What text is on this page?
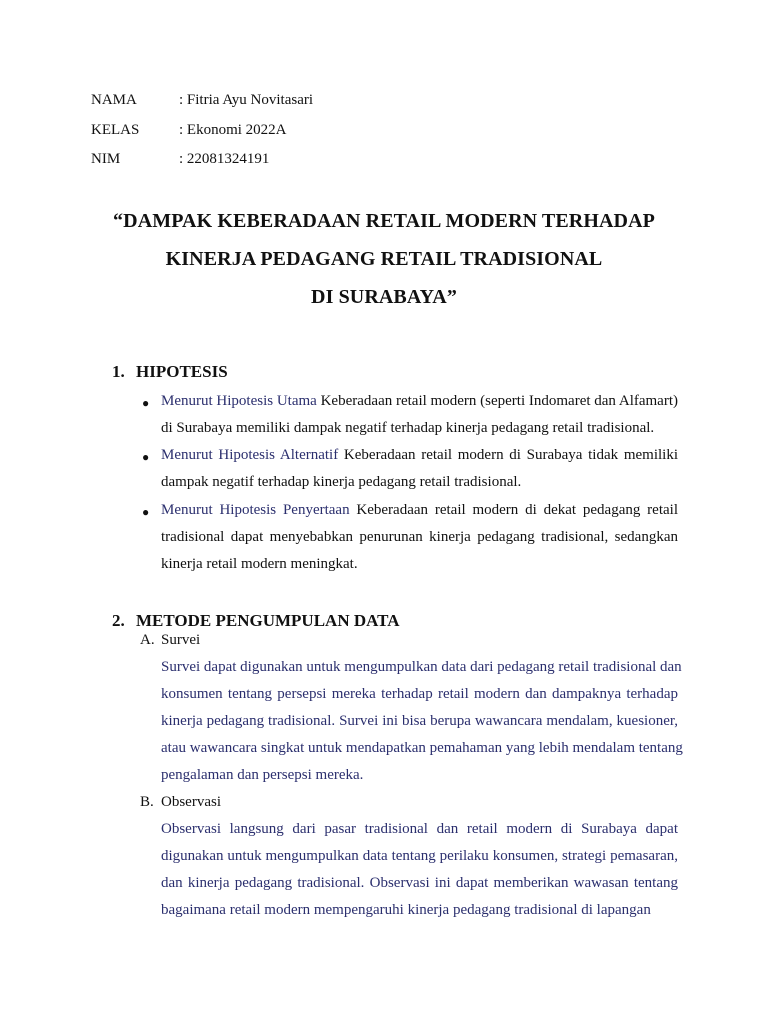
NAMA	: Fitria Ayu Novitasari
KELAS	: Ekonomi 2022A
NIM	: 22081324191
“DAMPAK KEBERADAAN RETAIL MODERN TERHADAP
KINERJA PEDAGANG RETAIL TRADISIONAL
DI SURABAYA”
1. HIPOTESIS
● Menurut Hipotesis Utama Keberadaan retail modern (seperti Indomaret dan Alfamart)
di Surabaya memiliki dampak negatif terhadap kinerja pedagang retail tradisional.
● Menurut Hipotesis Alternatif Keberadaan retail modern di Surabaya tidak memiliki
dampak negatif terhadap kinerja pedagang retail tradisional.
● Menurut Hipotesis Penyertaan Keberadaan retail modern di dekat pedagang retail
tradisional dapat menyebabkan penurunan kinerja pedagang tradisional, sedangkan
kinerja retail modern meningkat.
2. METODE PENGUMPULAN DATA
A. Survei
Survei dapat digunakan untuk mengumpulkan data dari pedagang retail tradisional dan
konsumen tentang persepsi mereka terhadap retail modern dan dampaknya terhadap
kinerja pedagang tradisional. Survei ini bisa berupa wawancara mendalam, kuesioner,
atau wawancara singkat untuk mendapatkan pemahaman yang lebih mendalam tentang
pengalaman dan persepsi mereka.
B. Observasi
Observasi langsung dari pasar tradisional dan retail modern di Surabaya dapat
digunakan untuk mengumpulkan data tentang perilaku konsumen, strategi pemasaran,
dan kinerja pedagang tradisional. Observasi ini dapat memberikan wawasan tentang
bagaimana retail modern mempengaruhi kinerja pedagang tradisional di lapangan
